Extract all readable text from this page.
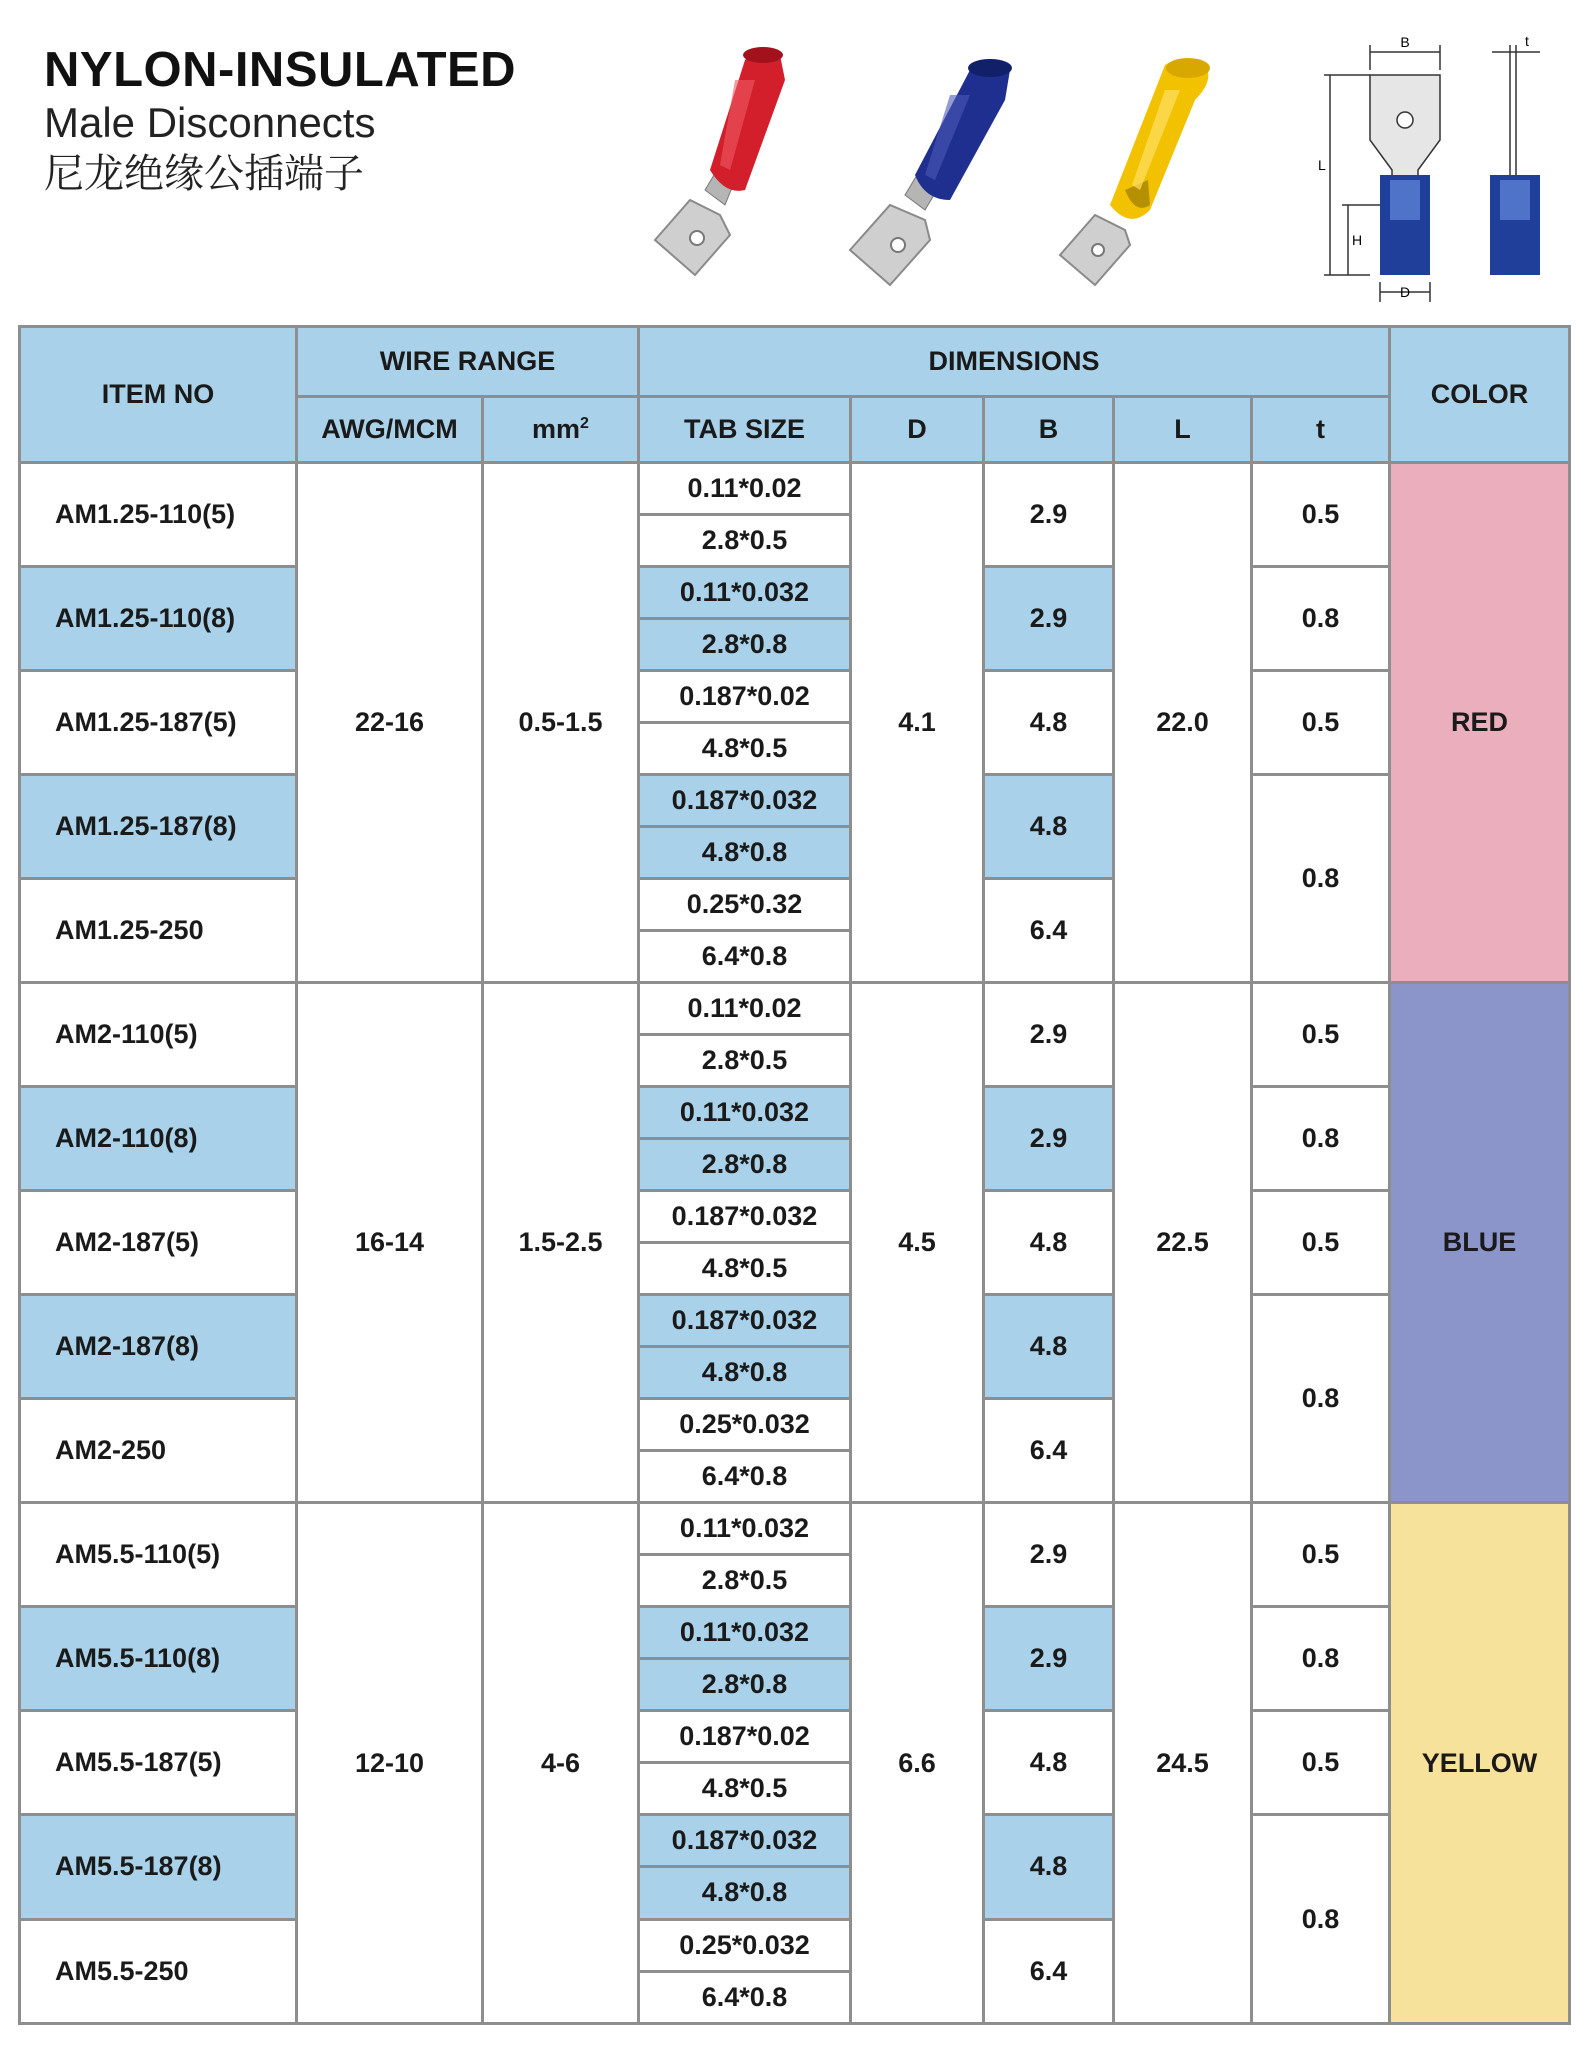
NYLON-INSULATED
Male Disconnects
尼龙绝缘公插端子
B	t
L
H
D
ITEM NO	WIRE RANGE		DIMENSIONS					COLOR
	AWG/MCM	$mm^2$	TAB SIZE	D	B	L	t	
AM1.25-110(5)	22-16	0.5-1.5	0.11*0.02	4.1	2.9	22.0	0.5	RED
			2.8*0.5					
AM1.25-110(8)			0.11*0.032		2.9		0.8	
			2.8*0.8					
AM1.25-187(5)			0.187*0.02		4.8		0.5	
			4.8*0.5					
AM1.25-187(8)			0.187*0.032		4.8		0.8	
			4.8*0.8					
AM1.25-250			0.25*0.32		6.4			
			6.4*0.8					
AM2-110(5)	16-14	1.5-2.5	0.11*0.02	4.5	2.9	22.5	0.5	BLUE
			2.8*0.5					
AM2-110(8)			0.11*0.032		2.9		0.8	
			2.8*0.8					
AM2-187(5)			0.187*0.032		4.8		0.5	
			4.8*0.5					
AM2-187(8)			0.187*0.032		4.8		0.8	
			4.8*0.8					
AM2-250			0.25*0.032		6.4			
			6.4*0.8					
AM5.5-110(5)	12-10	4-6	0.11*0.032	6.6	2.9	24.5	0.5	YELLOW
			2.8*0.5					
AM5.5-110(8)			0.11*0.032		2.9		0.8	
			2.8*0.8					
AM5.5-187(5)			0.187*0.02		4.8		0.5	
			4.8*0.5					
AM5.5-187(8)			0.187*0.032		4.8		0.8	
			4.8*0.8					
AM5.5-250			0.25*0.032		6.4			
			6.4*0.8					
